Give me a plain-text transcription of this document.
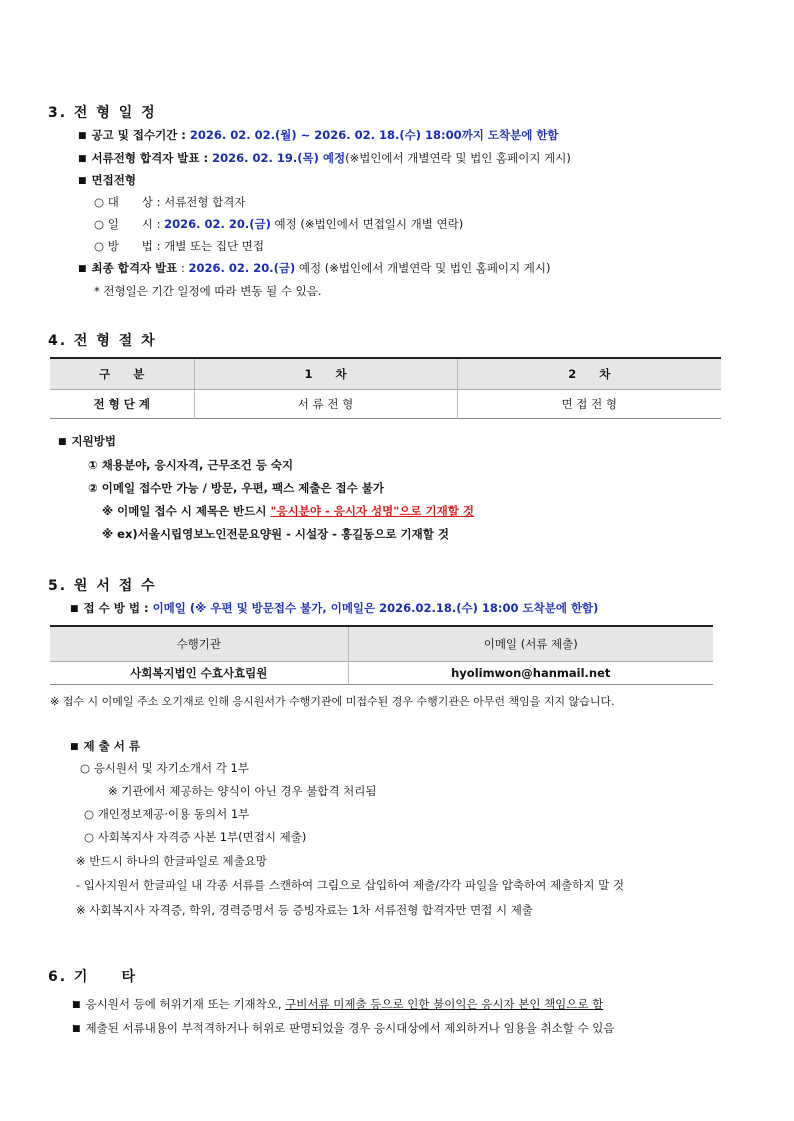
3. 전 형 일 정
■ 공고 및 접수기간 : 2026. 02. 02.(월) ~ 2026. 02. 18.(수) 18:00까지 도착분에 한함
■ 서류전형 합격자 발표 : 2026. 02. 19.(목) 예정(※법인에서 개별연락 및 법인 홈페이지 게시)
■ 면접전형
○ 대　　상 : 서류전형 합격자
○ 일　　시 : 2026. 02. 20.(금) 예정 (※법인에서 면접일시 개별 연락)
○ 방　　법 : 개별 또는 집단 면접
■ 최종 합격자 발표 : 2026. 02. 20.(금) 예정 (※법인에서 개별연락 및 법인 홈페이지 게시)
* 전형일은 기간 일정에 따라 변동 될 수 있음.
4. 전 형 절 차
구　　분	1　　차	2　　차
전 형 단 계	서 류 전 형	면 접 전 형
■ 지원방법
① 채용분야, 응시자격, 근무조건 등 숙지
② 이메일 접수만 가능 / 방문, 우편, 팩스 제출은 접수 불가
※ 이메일 접수 시 제목은 반드시 "응시분야 - 응시자 성명"으로 기재할 것
※ ex)서울시립영보노인전문요양원 - 시설장 - 홍길동으로 기재할 것
5. 원 서 접 수
■ 접 수 방 법 : 이메일 (※ 우편 및 방문접수 불가, 이메일은 2026.02.18.(수) 18:00 도착분에 한함)
수행기관	이메일 (서류 제출)
사회복지법인 수효사효림원	hyolimwon@hanmail.net
※ 접수 시 이메일 주소 오기재로 인해 응시원서가 수행기관에 미접수된 경우 수행기관은 아무런 책임을 지지 않습니다.
■ 제 출 서 류
○ 응시원서 및 자기소개서 각 1부
※ 기관에서 제공하는 양식이 아닌 경우 불합격 처리됨
○ 개인정보제공·이용 동의서 1부
○ 사회복지사 자격증 사본 1부(면접시 제출)
※ 반드시 하나의 한글파일로 제출요망
- 입사지원서 한글파일 내 각종 서류를 스캔하여 그림으로 삽입하여 제출/각각 파일을 압축하여 제출하지 말 것
※ 사회복지사 자격증, 학위, 경력증명서 등 증빙자료는 1차 서류전형 합격자만 면접 시 제출
6. 기　　타
■ 응시원서 등에 허위기재 또는 기재착오, 구비서류 미제출 등으로 인한 불이익은 응시자 본인 책임으로 함
■ 제출된 서류내용이 부적격하거나 허위로 판명되었을 경우 응시대상에서 제외하거나 임용을 취소할 수 있음
